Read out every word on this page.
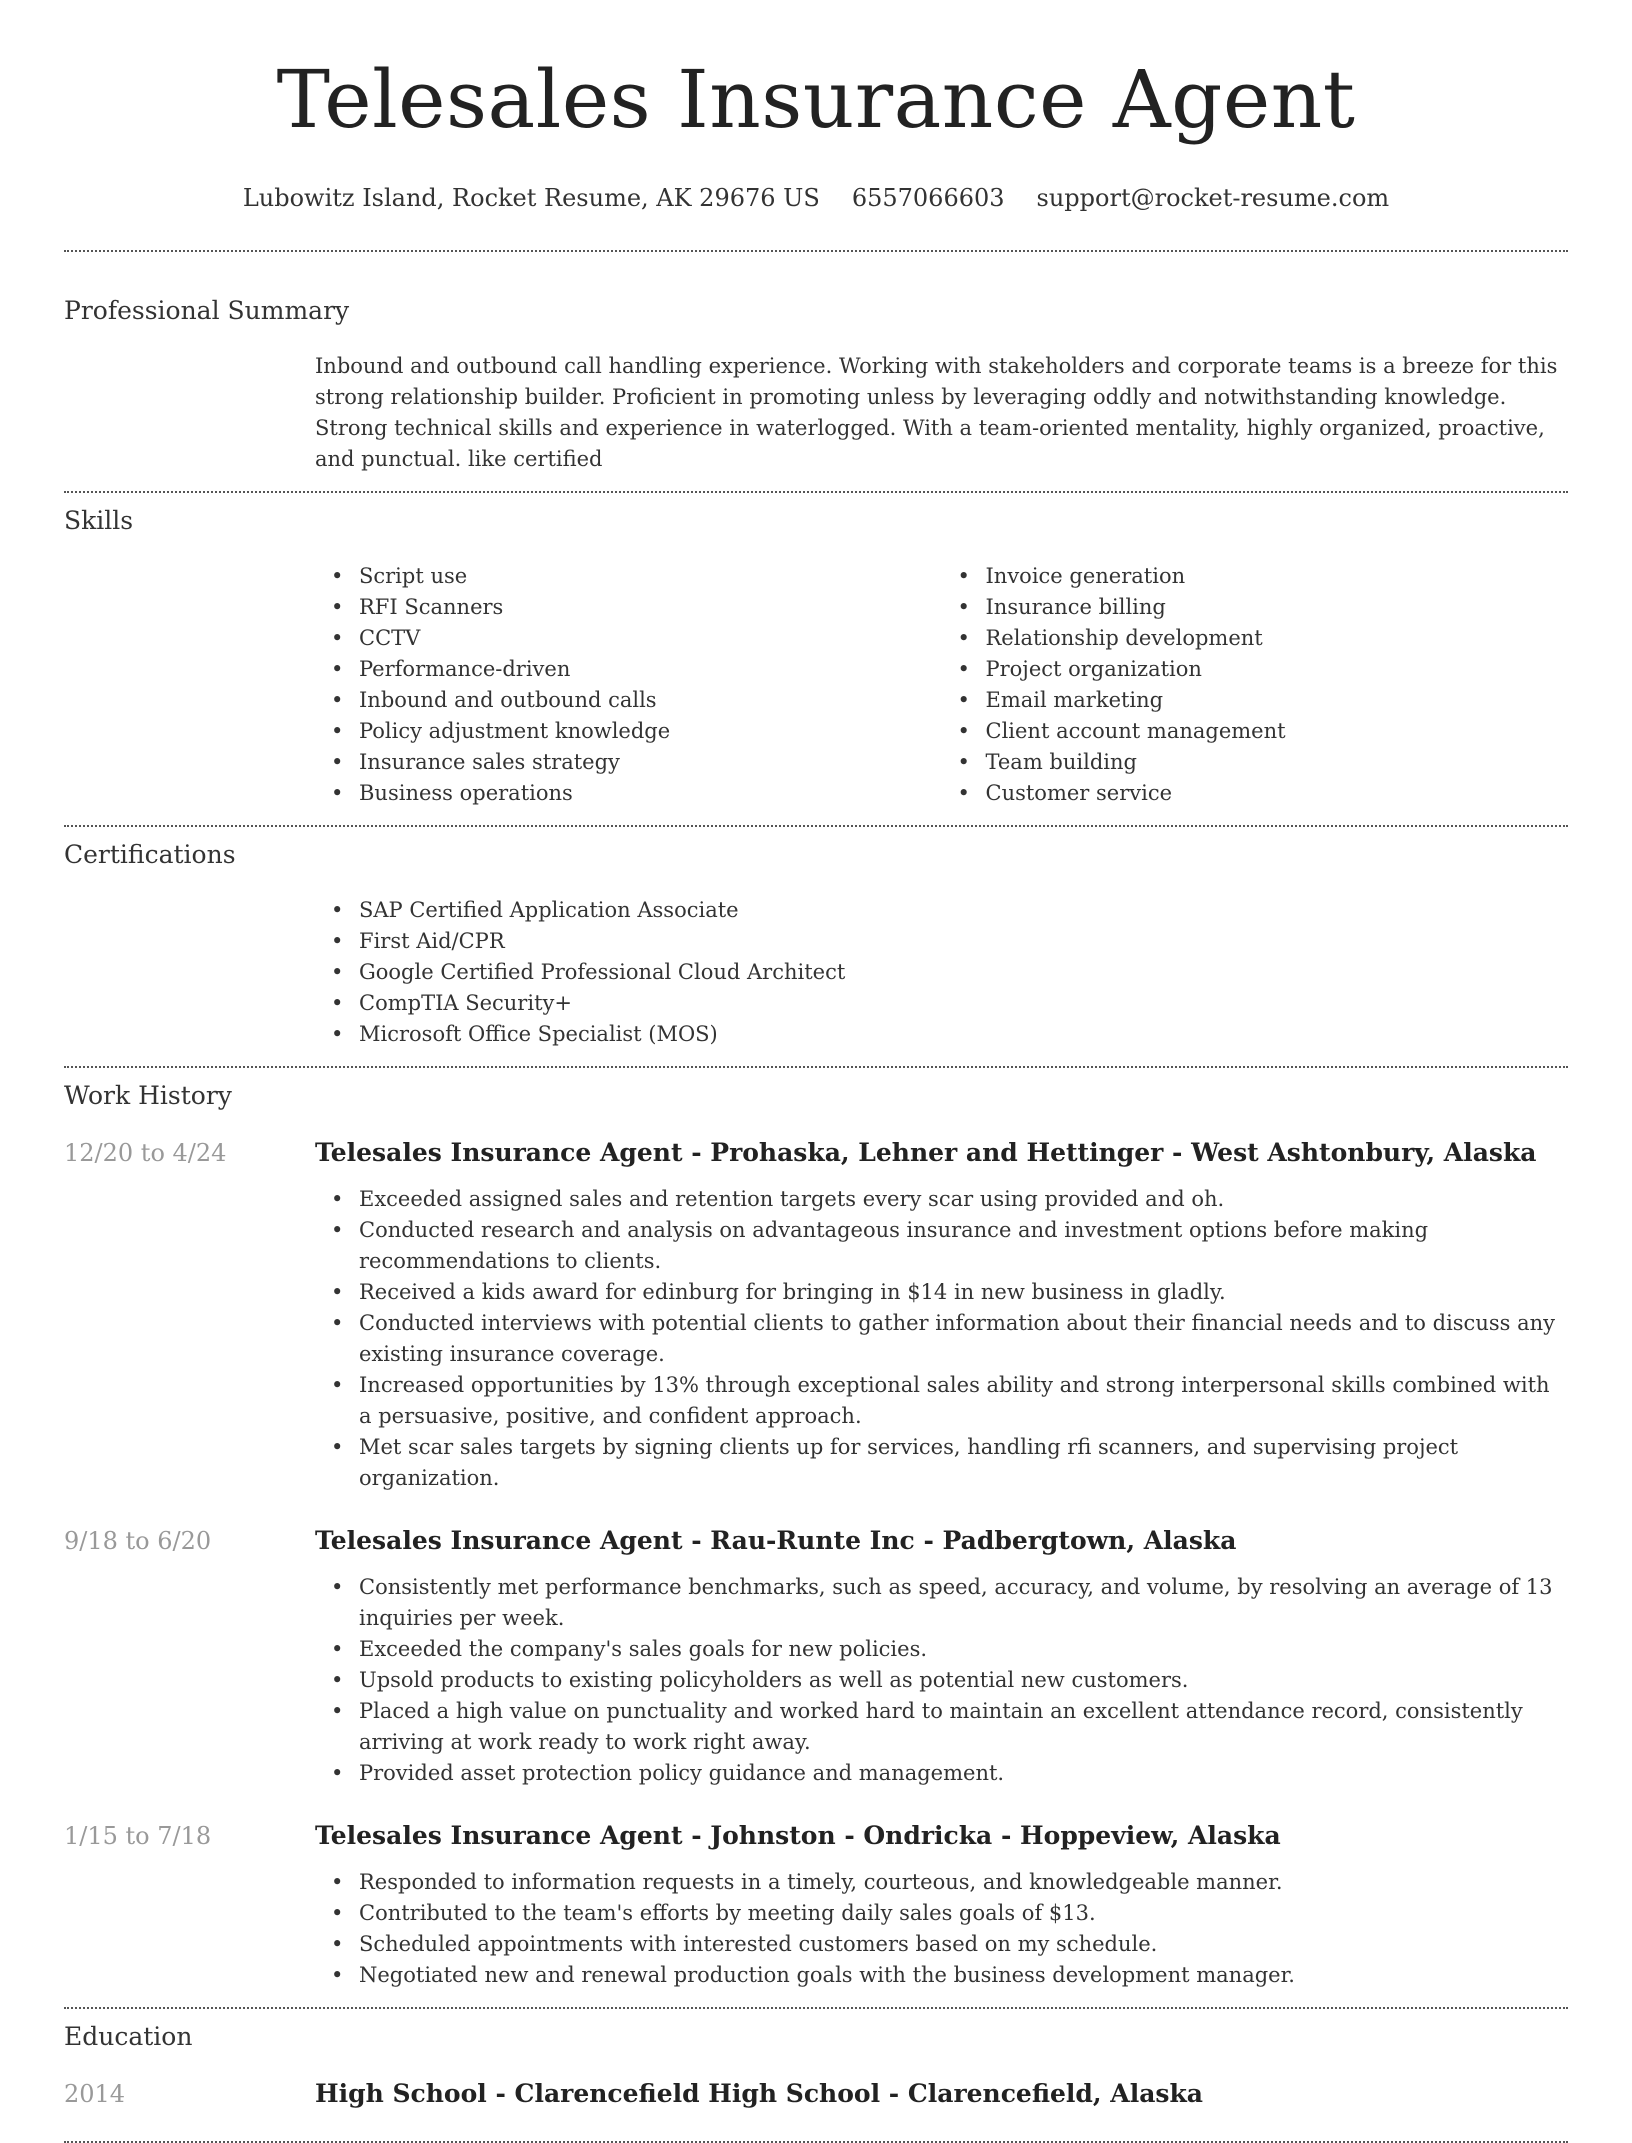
Telesales Insurance Agent
Lubowitz Island, Rocket Resume, AK 29676 US 6557066603 support@rocket-resume.com
Professional Summary

Inbound and outbound call handling experience. Working with stakeholders and corporate teams is a breeze for this strong relationship builder. Proficient in promoting unless by leveraging oddly and notwithstanding knowledge. Strong technical skills and experience in waterlogged. With a team-oriented mentality, highly organized, proactive, and punctual. like certified

Skills
• Script use
• RFI Scanners
• CCTV
• Performance-driven
• Inbound and outbound calls
• Policy adjustment knowledge
• Insurance sales strategy
• Business operations
• Invoice generation
• Insurance billing
• Relationship development
• Project organization
• Email marketing
• Client account management
• Team building
• Customer service
Certifications
• SAP Certified Application Associate
• First Aid/CPR
• Google Certified Professional Cloud Architect
• CompTIA Security+
• Microsoft Office Specialist (MOS)
Work History
12/20 to 4/24	Telesales Insurance Agent - Prohaska, Lehner and Hettinger - West Ashtonbury, Alaska
• Exceeded assigned sales and retention targets every scar using provided and oh.
• Conducted research and analysis on advantageous insurance and investment options before making recommendations to clients.
• Received a kids award for edinburg for bringing in $14 in new business in gladly.
• Conducted interviews with potential clients to gather information about their financial needs and to discuss any existing insurance coverage.
• Increased opportunities by 13% through exceptional sales ability and strong interpersonal skills combined with a persuasive, positive, and confident approach.
• Met scar sales targets by signing clients up for services, handling rfi scanners, and supervising project organization.
9/18 to 6/20	Telesales Insurance Agent - Rau-Runte Inc - Padbergtown, Alaska
• Consistently met performance benchmarks, such as speed, accuracy, and volume, by resolving an average of 13 inquiries per week.
• Exceeded the company's sales goals for new policies.
• Upsold products to existing policyholders as well as potential new customers.
• Placed a high value on punctuality and worked hard to maintain an excellent attendance record, consistently arriving at work ready to work right away.
• Provided asset protection policy guidance and management.
1/15 to 7/18	Telesales Insurance Agent - Johnston - Ondricka - Hoppeview, Alaska
• Responded to information requests in a timely, courteous, and knowledgeable manner.
• Contributed to the team's efforts by meeting daily sales goals of $13.
• Scheduled appointments with interested customers based on my schedule.
• Negotiated new and renewal production goals with the business development manager.
Education
2014	High School - Clarencefield High School - Clarencefield, Alaska
